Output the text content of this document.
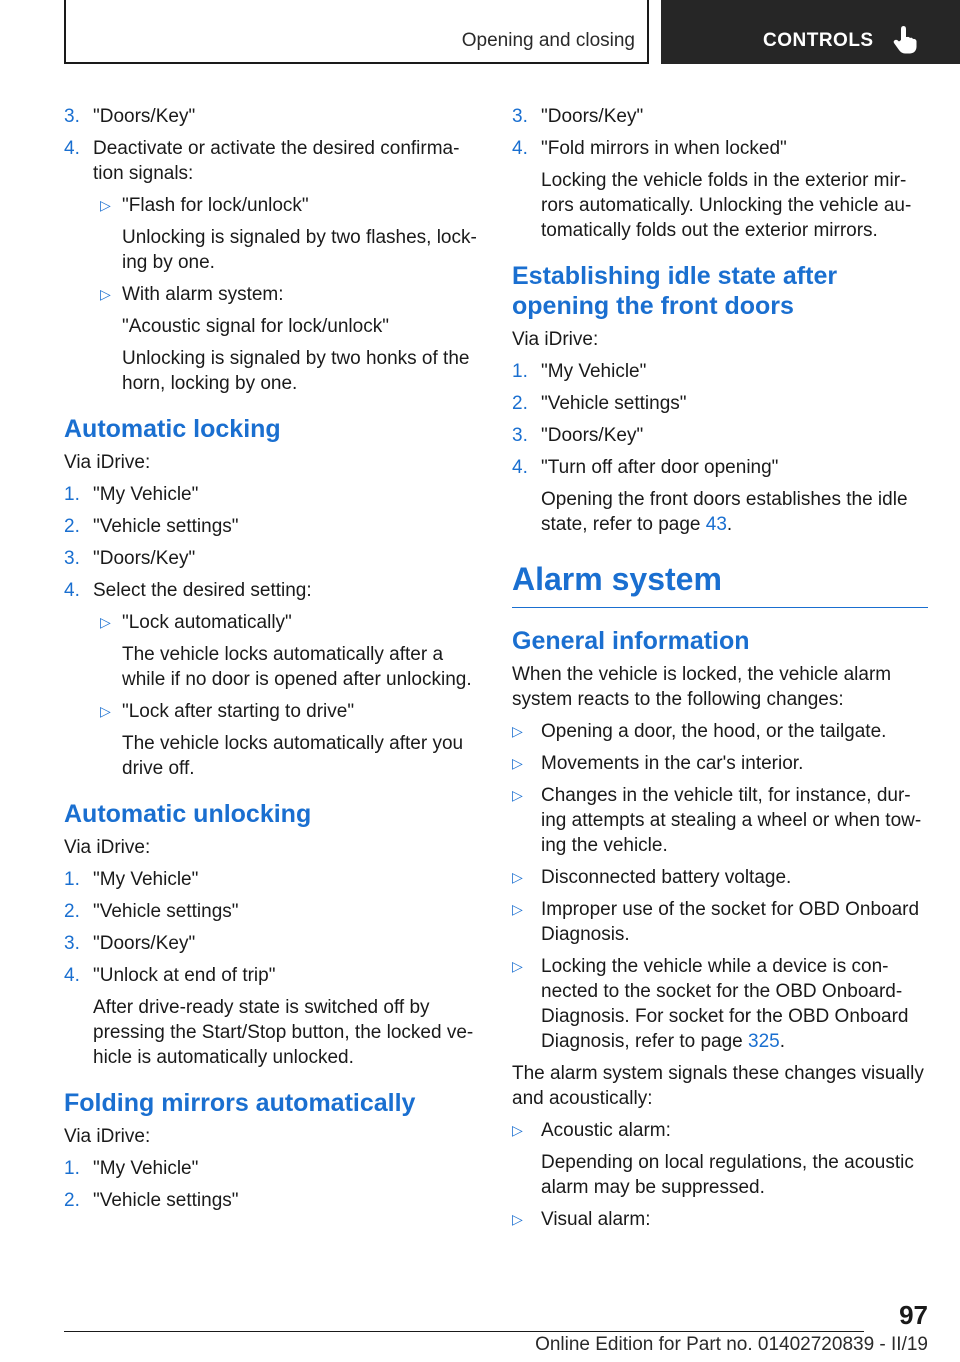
Opening and closing	CONTROLS
3. "Doors/Key"
4. Deactivate or activate the desired confirma-tion signals:
▷ "Flash for lock/unlock"
Unlocking is signaled by two flashes, lock-ing by one.
▷ With alarm system:
"Acoustic signal for lock/unlock"
Unlocking is signaled by two honks of the horn, locking by one.
Automatic locking
Via iDrive:
1. "My Vehicle"
2. "Vehicle settings"
3. "Doors/Key"
4. Select the desired setting:
▷ "Lock automatically"
The vehicle locks automatically after a while if no door is opened after unlocking.
▷ "Lock after starting to drive"
The vehicle locks automatically after you drive off.
Automatic unlocking
Via iDrive:
1. "My Vehicle"
2. "Vehicle settings"
3. "Doors/Key"
4. "Unlock at end of trip"
After drive-ready state is switched off by pressing the Start/Stop button, the locked ve-hicle is automatically unlocked.
Folding mirrors automatically
Via iDrive:
1. "My Vehicle"
2. "Vehicle settings"
3. "Doors/Key"
4. "Fold mirrors in when locked"
Locking the vehicle folds in the exterior mir-rors automatically. Unlocking the vehicle au-tomatically folds out the exterior mirrors.
Establishing idle state after opening the front doors
Via iDrive:
1. "My Vehicle"
2. "Vehicle settings"
3. "Doors/Key"
4. "Turn off after door opening"
Opening the front doors establishes the idle state, refer to page 43.
Alarm system
General information
When the vehicle is locked, the vehicle alarm system reacts to the following changes:
▷ Opening a door, the hood, or the tailgate.
▷ Movements in the car's interior.
▷ Changes in the vehicle tilt, for instance, dur-ing attempts at stealing a wheel or when tow-ing the vehicle.
▷ Disconnected battery voltage.
▷ Improper use of the socket for OBD Onboard Diagnosis.
▷ Locking the vehicle while a device is con-nected to the socket for the OBD Onboard-Diagnosis. For socket for the OBD Onboard Diagnosis, refer to page 325.
The alarm system signals these changes visually and acoustically:
▷ Acoustic alarm:
Depending on local regulations, the acoustic alarm may be suppressed.
▷ Visual alarm:
97
Online Edition for Part no. 01402720839 - II/19
